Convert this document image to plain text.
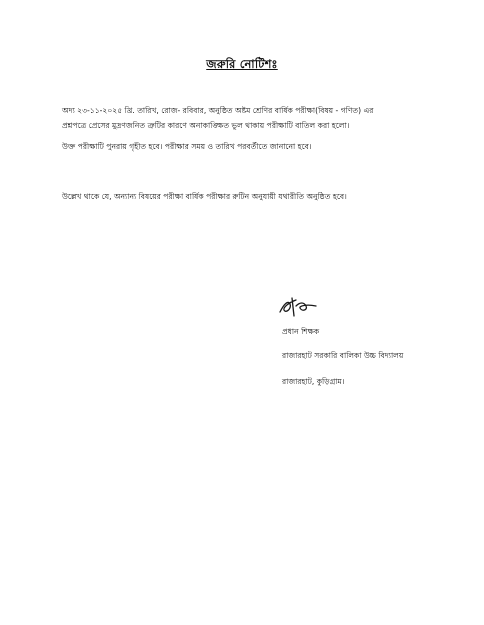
জরুরি নোটিশঃ
অদ্য ২৩-১১-২০২৫ খ্রি. তারিখ, রোজ- রবিবার, অনুষ্ঠিত অষ্টম শ্রেণির বার্ষিক পরীক্ষা(বিষয় - গণিত) এর
প্রশ্নপত্রে প্রেসের মুদ্রণজনিত ত্রুটির কারণে অনাকাঙ্ক্ষিত ভুল থাকায় পরীক্ষাটি বাতিল করা হলো।
উক্ত পরীক্ষাটি পুনরায় গৃহীত হবে। পরীক্ষার সময় ও তারিখ পরবর্তীতে জানানো হবে।
উল্লেখ থাকে যে, অন্যান্য বিষয়ের পরীক্ষা বার্ষিক পরীক্ষার রুটিন অনুযায়ী যথারীতি অনুষ্ঠিত হবে।
প্রধান শিক্ষক
রাজারহাট সরকারি বালিকা উচ্চ বিদ্যালয়
রাজারহাট, কুড়িগ্রাম।
